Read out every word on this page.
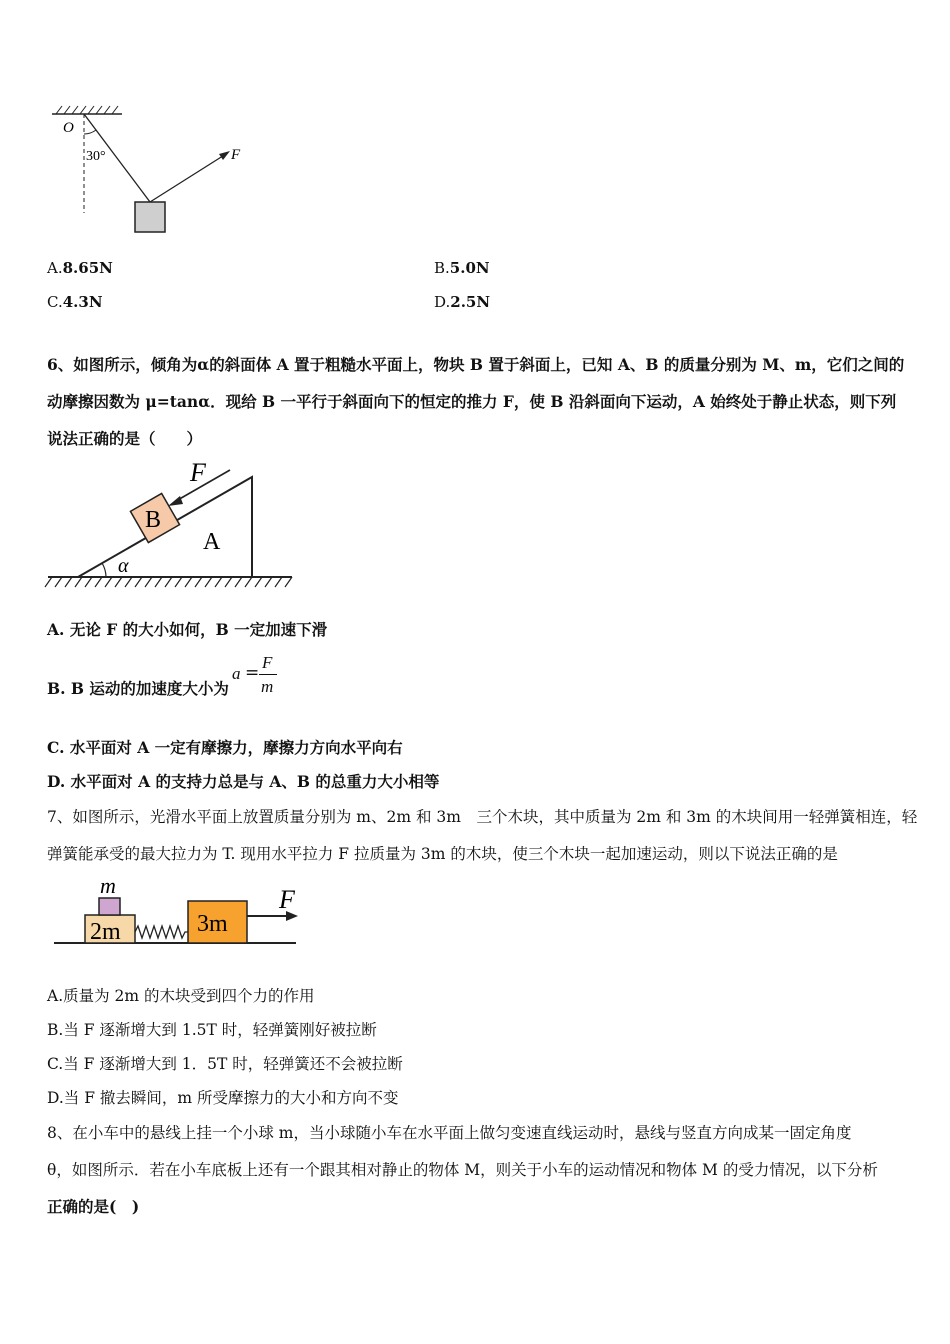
O
30°	F
A.8.65N	B.5.0N
C.4.3N	D.2.5N
6、如图所示，倾角为α的斜面体 A 置于粗糙水平面上，物块 B 置于斜面上，已知 A、B 的质量分别为 M、m，它们之间的
动摩擦因数为 μ=tanα．现给 B 一平行于斜面向下的恒定的推力 F，使 B 沿斜面向下运动，A 始终处于静止状态，则下列
说法正确的是（　　）
F
B
A
α
A. 无论 F 的大小如何，B 一定加速下滑
B. B 运动的加速度大小为
a =
F
m
C. 水平面对 A 一定有摩擦力，摩擦力方向水平向右
D. 水平面对 A 的支持力总是与 A、B 的总重力大小相等
7、如图所示，光滑水平面上放置质量分别为 m、2m 和 3m　三个木块，其中质量为 2m 和 3m 的木块间用一轻弹簧相连，轻
弹簧能承受的最大拉力为 T. 现用水平拉力 F 拉质量为 3m 的木块，使三个木块一起加速运动，则以下说法正确的是
m
2m	3m
F
A.质量为 2m 的木块受到四个力的作用
B.当 F 逐渐增大到 1.5T 时，轻弹簧刚好被拉断
C.当 F 逐渐增大到 1．5T 时，轻弹簧还不会被拉断
D.当 F 撤去瞬间，m 所受摩擦力的大小和方向不变
8、在小车中的悬线上挂一个小球 m，当小球随小车在水平面上做匀变速直线运动时，悬线与竖直方向成某一固定角度
θ，如图所示．若在小车底板上还有一个跟其相对静止的物体 M，则关于小车的运动情况和物体 M 的受力情况，以下分析
正确的是(　)
